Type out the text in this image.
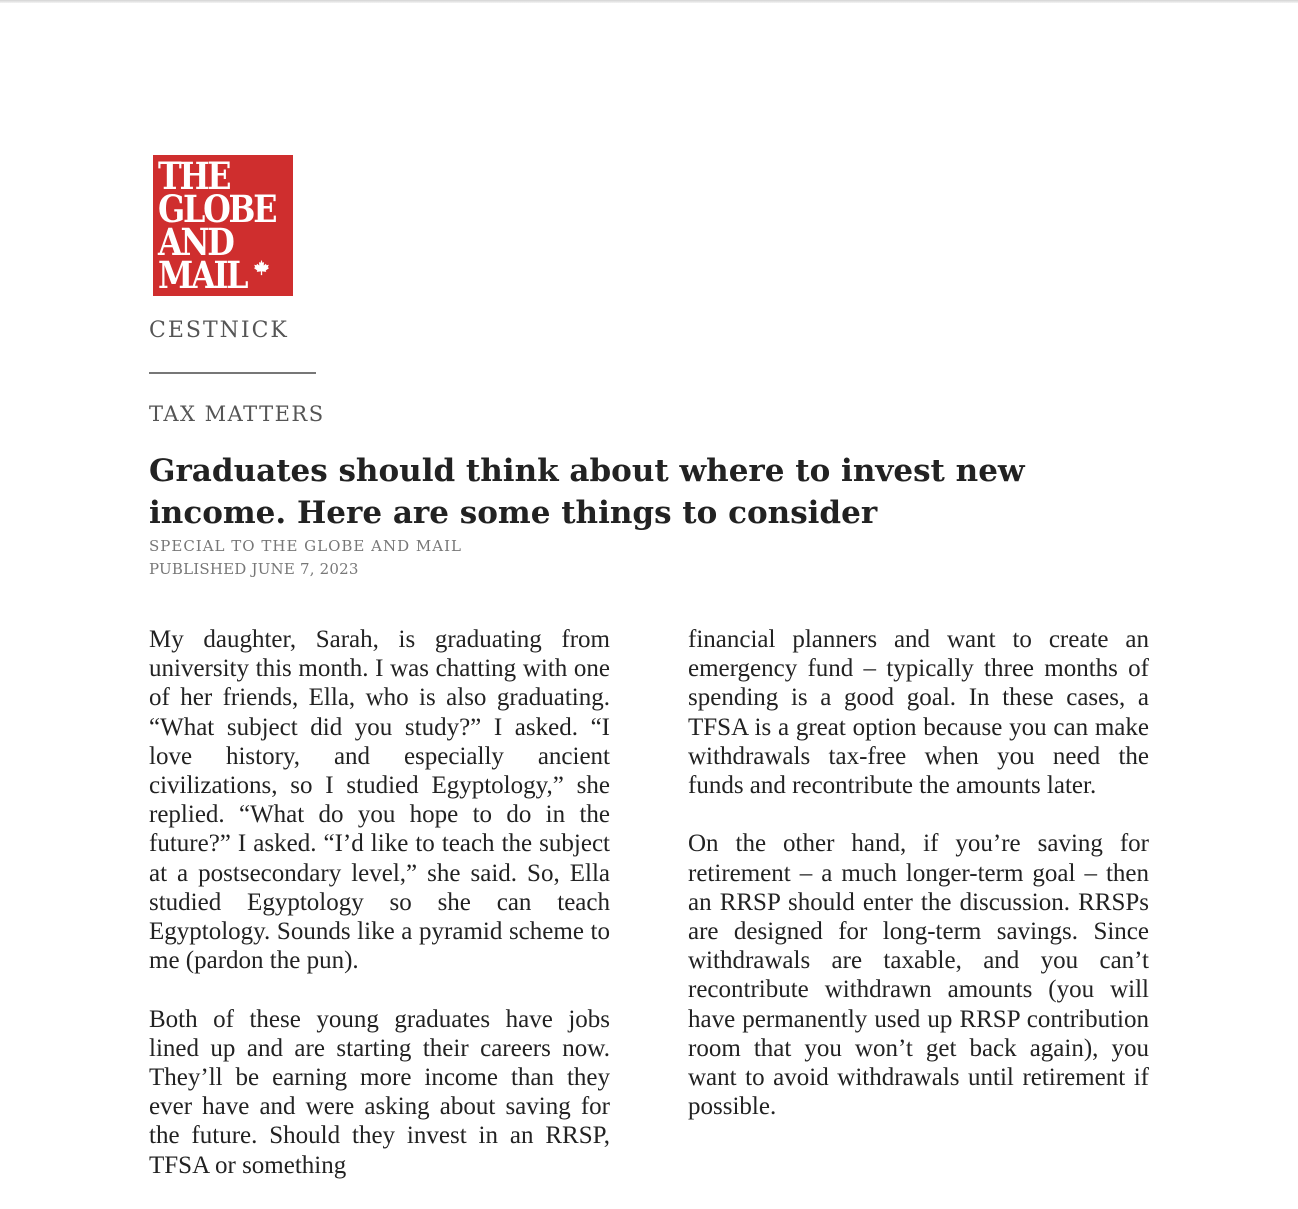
THE
GLOBE
AND
MAIL
CESTNICK
TAX MATTERS
Graduates should think about where to invest new income. Here are some things to consider
SPECIAL TO THE GLOBE AND MAIL
PUBLISHED JUNE 7, 2023

My daughter, Sarah, is graduating from university this month. I was chatting with one of her friends, Ella, who is also graduating. “What subject did you study?” I asked. “I love history, and especially ancient civilizations, so I studied Egyptology,” she replied. “What do you hope to do in the future?” I asked. “I’d like to teach the subject at a postsecondary level,” she said. So, Ella studied Egyptology so she can teach Egyptology. Sounds like a pyramid scheme to me (pardon the pun).

Both of these young graduates have jobs lined up and are starting their careers now. They’ll be earning more income than they ever have and were asking about saving for the future. Should they invest in an RRSP, TFSA or something

financial planners and want to create an emergency fund – typically three months of spending is a good goal. In these cases, a TFSA is a great option because you can make withdrawals tax-free when you need the funds and recontribute the amounts later.

On the other hand, if you’re saving for retirement – a much longer-term goal – then an RRSP should enter the discussion. RRSPs are designed for long-term savings. Since withdrawals are taxable, and you can’t recontribute withdrawn amounts (you will have permanently used up RRSP contribution room that you won’t get back again), you want to avoid withdrawals until retirement if possible.
